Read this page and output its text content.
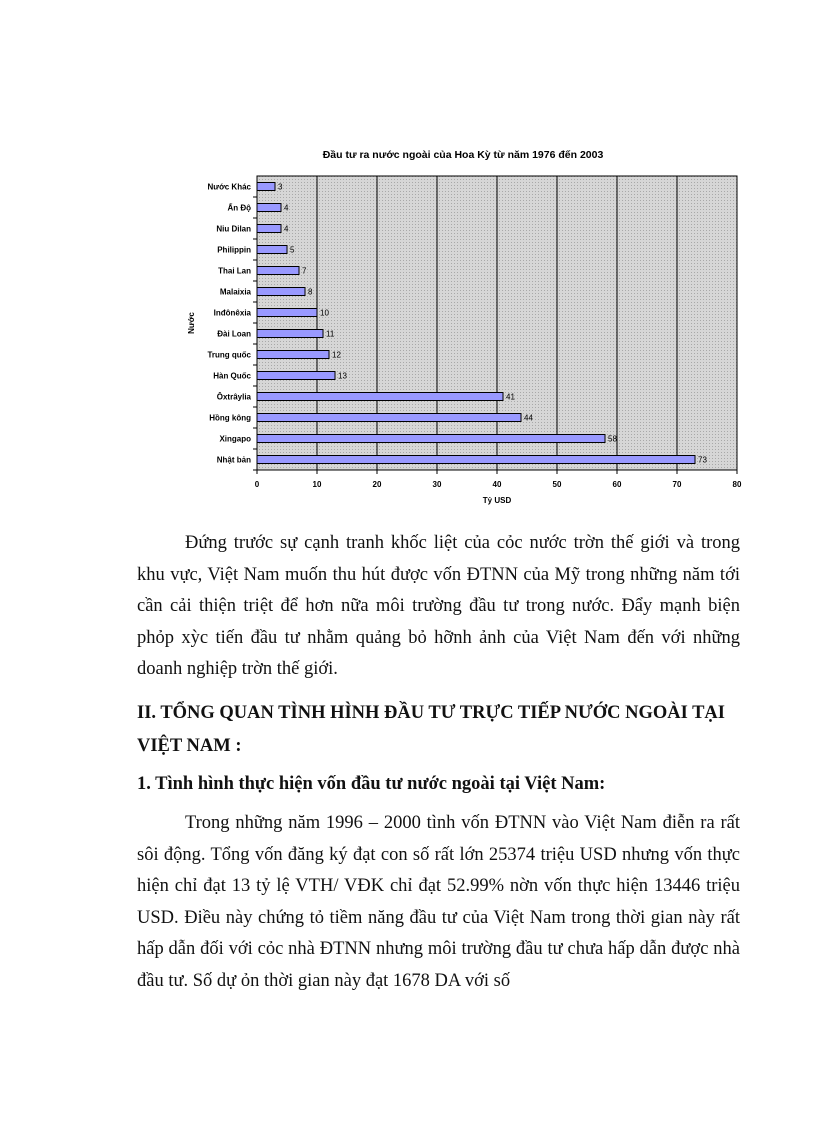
Đầu tư ra nước ngoài của Hoa Kỳ từ năm 1976 đến 2003
0	10	20	30	40	50	60	70	80
Nước Khác	3
Ấn Độ	4
Niu Dilan	4
Philippin	5
Thai Lan	7
Malaixia	8
Inđônêxia	10
Đài Loan	11
Trung quốc	12
Hàn Quốc	13
Ôxtrâylia	41
Hồng kông	44
Xingapo	58
Nhật bản	73
Tỷ USD
Nước

Đứng trước sự cạnh tranh khốc liệt của cỏc nước trờn thế giới và trong khu vực, Việt Nam muốn thu hút được vốn ĐTNN của Mỹ trong những năm tới cần cải thiện triệt để hơn nữa môi trường đầu tư trong nước. Đẩy mạnh biện phỏp xỳc tiến đầu tư nhằm quảng bỏ hỡnh ảnh của Việt Nam đến với những doanh nghiệp trờn thế giới.

II. TỔNG QUAN TÌNH HÌNH ĐẦU TƯ TRỰC TIẾP NƯỚC NGOÀI TẠI VIỆT NAM :

1. Tình hình thực hiện vốn đầu tư nước ngoài tại Việt Nam:

Trong những năm 1996 – 2000 tình vốn ĐTNN vào Việt Nam điễn ra rất sôi động. Tổng vốn đăng ký đạt con số rất lớn 25374 triệu USD nhưng vốn thực hiện chỉ đạt 13 tỷ lệ VTH/ VĐK chỉ đạt 52.99% nờn vốn thực hiện 13446 triệu USD. Điều này chứng tỏ tiềm năng đầu tư của Việt Nam trong thời gian này rất hấp dẫn đối với cỏc nhà ĐTNN nhưng môi trường đầu tư chưa hấp dẫn được nhà đầu tư. Số dự ỏn thời gian này đạt 1678 DA với số
